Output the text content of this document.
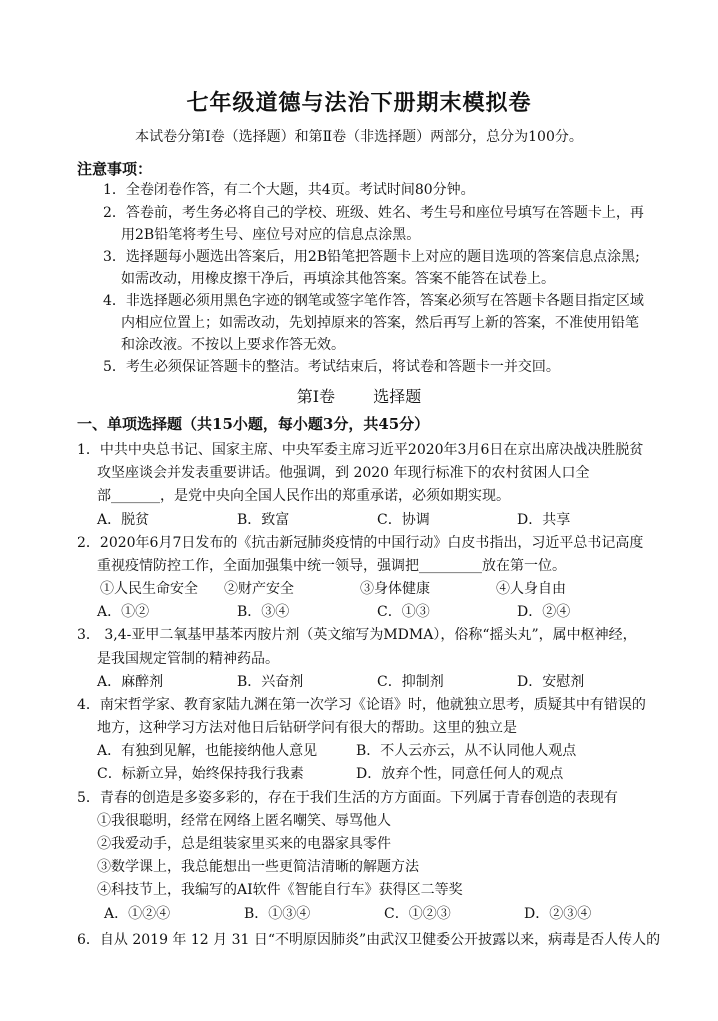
七年级道德与法治下册期末模拟卷
本试卷分第Ⅰ卷（选择题）和第Ⅱ卷（非选择题）两部分，总分为100分。
注意事项：
1．全卷闭卷作答，有二个大题，共4页。考试时间80分钟。
2．答卷前，考生务必将自己的学校、班级、姓名、考生号和座位号填写在答题卡上，再
用2B铅笔将考生号、座位号对应的信息点涂黑。
3．选择题每小题选出答案后，用2B铅笔把答题卡上对应的题目选项的答案信息点涂黑;
如需改动，用橡皮擦干净后，再填涂其他答案。答案不能答在试卷上。
4．非选择题必须用黑色字迹的钢笔或签字笔作答，答案必须写在答题卡各题目指定区域
内相应位置上；如需改动，先划掉原来的答案，然后再写上新的答案，不准使用铅笔
和涂改液。不按以上要求作答无效。
5．考生必须保证答题卡的整洁。考试结束后，将试卷和答题卡一并交回。
第Ⅰ卷 选择题
一、单项选择题（共15小题，每小题3分，共45分）
1．中共中央总书记、国家主席、中央军委主席习近平2020年3月6日在京出席决战决胜脱贫
攻坚座谈会并发表重要讲话。他强调，到 2020 年现行标准下的农村贫困人口全
部_______，是党中央向全国人民作出的郑重承诺，必须如期实现。
A．脱贫	B．致富	C．协调	D．共享
2．2020年6月7日发布的《抗击新冠肺炎疫情的中国行动》白皮书指出，习近平总书记高度
重视疫情防控工作，全面加强集中统一领导，强调把_________放在第一位。
①人民生命安全	②财产安全	③身体健康	④人身自由
A．①②	B．③④	C．①③	D．②④
3． 3,4-亚甲二氧基甲基苯丙胺片剂（英文缩写为MDMA），俗称“摇头丸”，属中枢神经，
是我国规定管制的精神药品。
A．麻醉剂	B．兴奋剂	C．抑制剂	D．安慰剂
4．南宋哲学家、教育家陆九渊在第一次学习《论语》时，他就独立思考，质疑其中有错误的
地方，这种学习方法对他日后钻研学问有很大的帮助。这里的独立是
A．有独到见解，也能接纳他人意见	B．不人云亦云，从不认同他人观点
C．标新立异，始终保持我行我素	D．放弃个性，同意任何人的观点
5．青春的创造是多姿多彩的，存在于我们生活的方方面面。下列属于青春创造的表现有
①我很聪明，经常在网络上匿名嘲笑、辱骂他人
②我爱动手，总是组装家里买来的电器家具零件
③数学课上，我总能想出一些更简洁清晰的解题方法
④科技节上，我编写的AI软件《智能自行车》获得区二等奖
A．①②④	B．①③④	C．①②③	D．②③④
6．自从 2019 年 12 月 31 日“不明原因肺炎”由武汉卫健委公开披露以来，病毒是否人传人的
